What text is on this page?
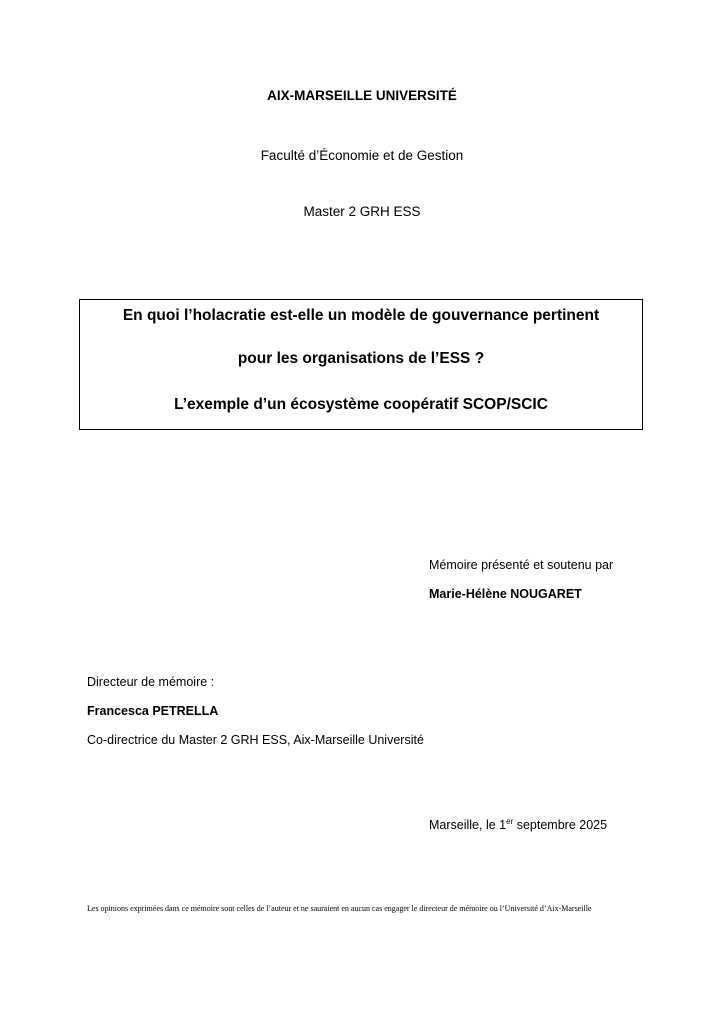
AIX-MARSEILLE UNIVERSITÉ
Faculté d’Économie et de Gestion
Master 2 GRH ESS
En quoi l’holacratie est-elle un modèle de gouvernance pertinent
pour les organisations de l’ESS ?
L’exemple d’un écosystème coopératif SCOP/SCIC
Mémoire présenté et soutenu par
Marie-Hélène NOUGARET
Directeur de mémoire :
Francesca PETRELLA
Co-directrice du Master 2 GRH ESS, Aix-Marseille Université
Marseille, le 1er septembre 2025
Les opinions exprimées dans ce mémoire sont celles de l’auteur et ne sauraient en aucun cas engager le directeur de mémoire ou l’Université d’Aix-Marseille
